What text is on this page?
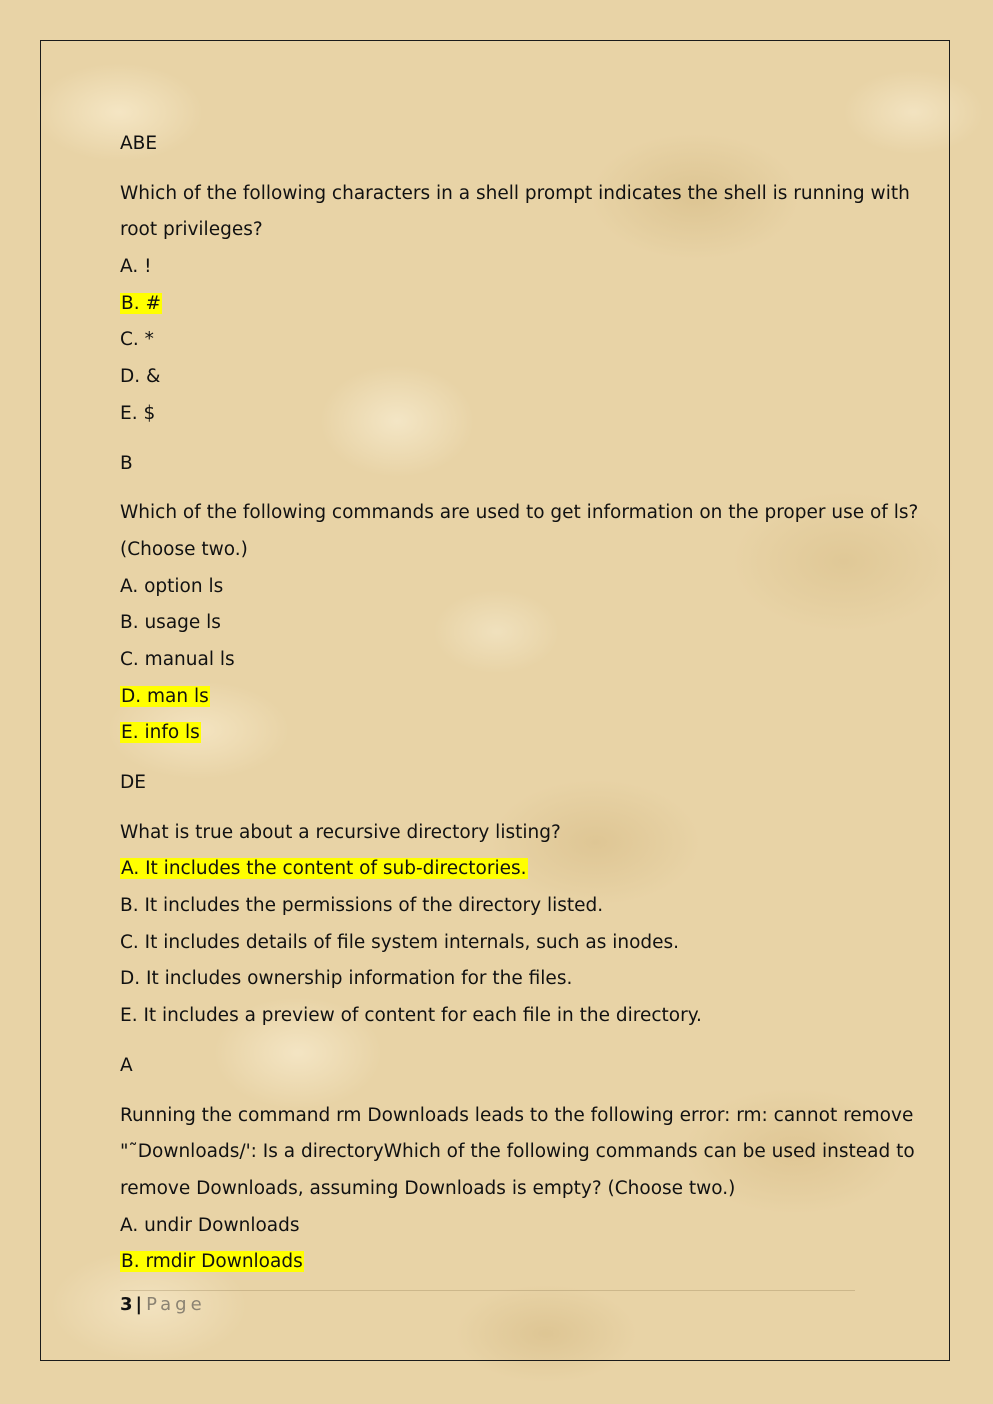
ABE
Which of the following characters in a shell prompt indicates the shell is running with
root privileges?
A. !
B. #
C. *
D. &
E. $
B
Which of the following commands are used to get information on the proper use of ls?
(Choose two.)
A. option ls
B. usage ls
C. manual ls
D. man ls
E. info ls
DE
What is true about a recursive directory listing?
A. It includes the content of sub-directories.
B. It includes the permissions of the directory listed.
C. It includes details of file system internals, such as inodes.
D. It includes ownership information for the files.
E. It includes a preview of content for each file in the directory.
A
Running the command rm Downloads leads to the following error: rm: cannot remove
"˜Downloads/': Is a directoryWhich of the following commands can be used instead to
remove Downloads, assuming Downloads is empty? (Choose two.)
A. undir Downloads
B. rmdir Downloads
3 | Page
